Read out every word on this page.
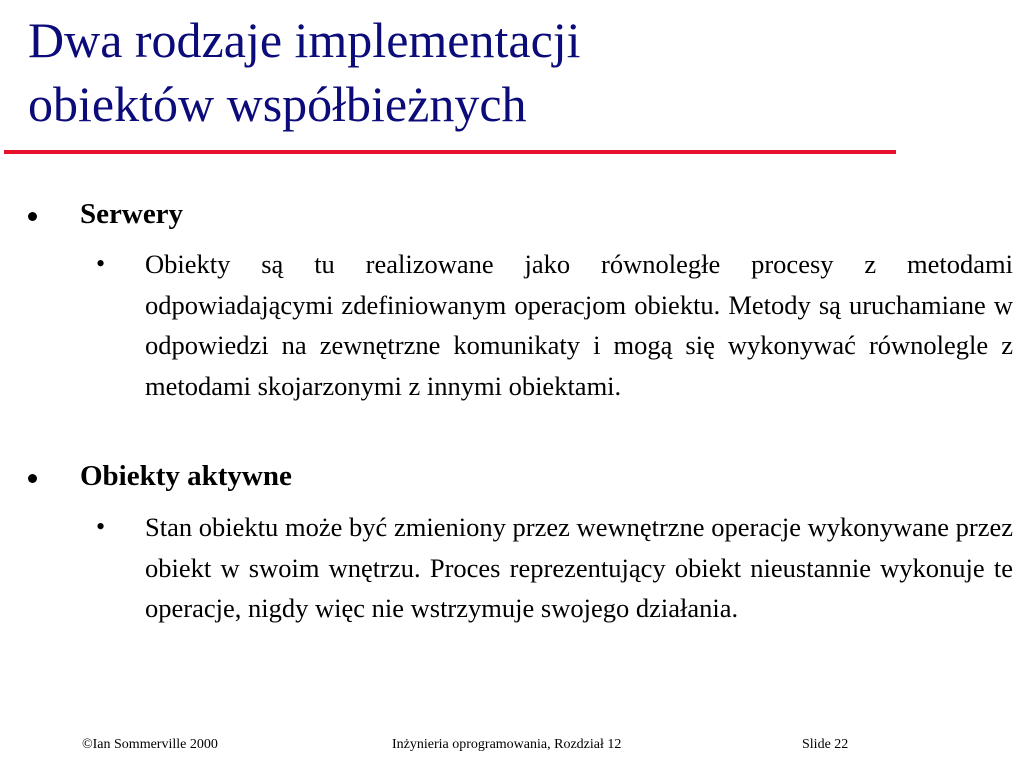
Dwa rodzaje implementacji
obiektów współbieżnych
Serwery
•	Obiekty są tu realizowane jako równoległe procesy z metodami odpowiadającymi zdefiniowanym operacjom obiektu. Metody są uruchamiane w odpowiedzi na zewnętrzne komunikaty i mogą się wykonywać równolegle z metodami skojarzonymi z innymi obiektami.
Obiekty aktywne
•	Stan obiektu może być zmieniony przez wewnętrzne operacje wykonywane przez obiekt w swoim wnętrzu. Proces reprezentujący obiekt nieustannie wykonuje te operacje, nigdy więc nie wstrzymuje swojego działania.
©Ian Sommerville 2000	Inżynieria oprogramowania, Rozdział 12	Slide 22
